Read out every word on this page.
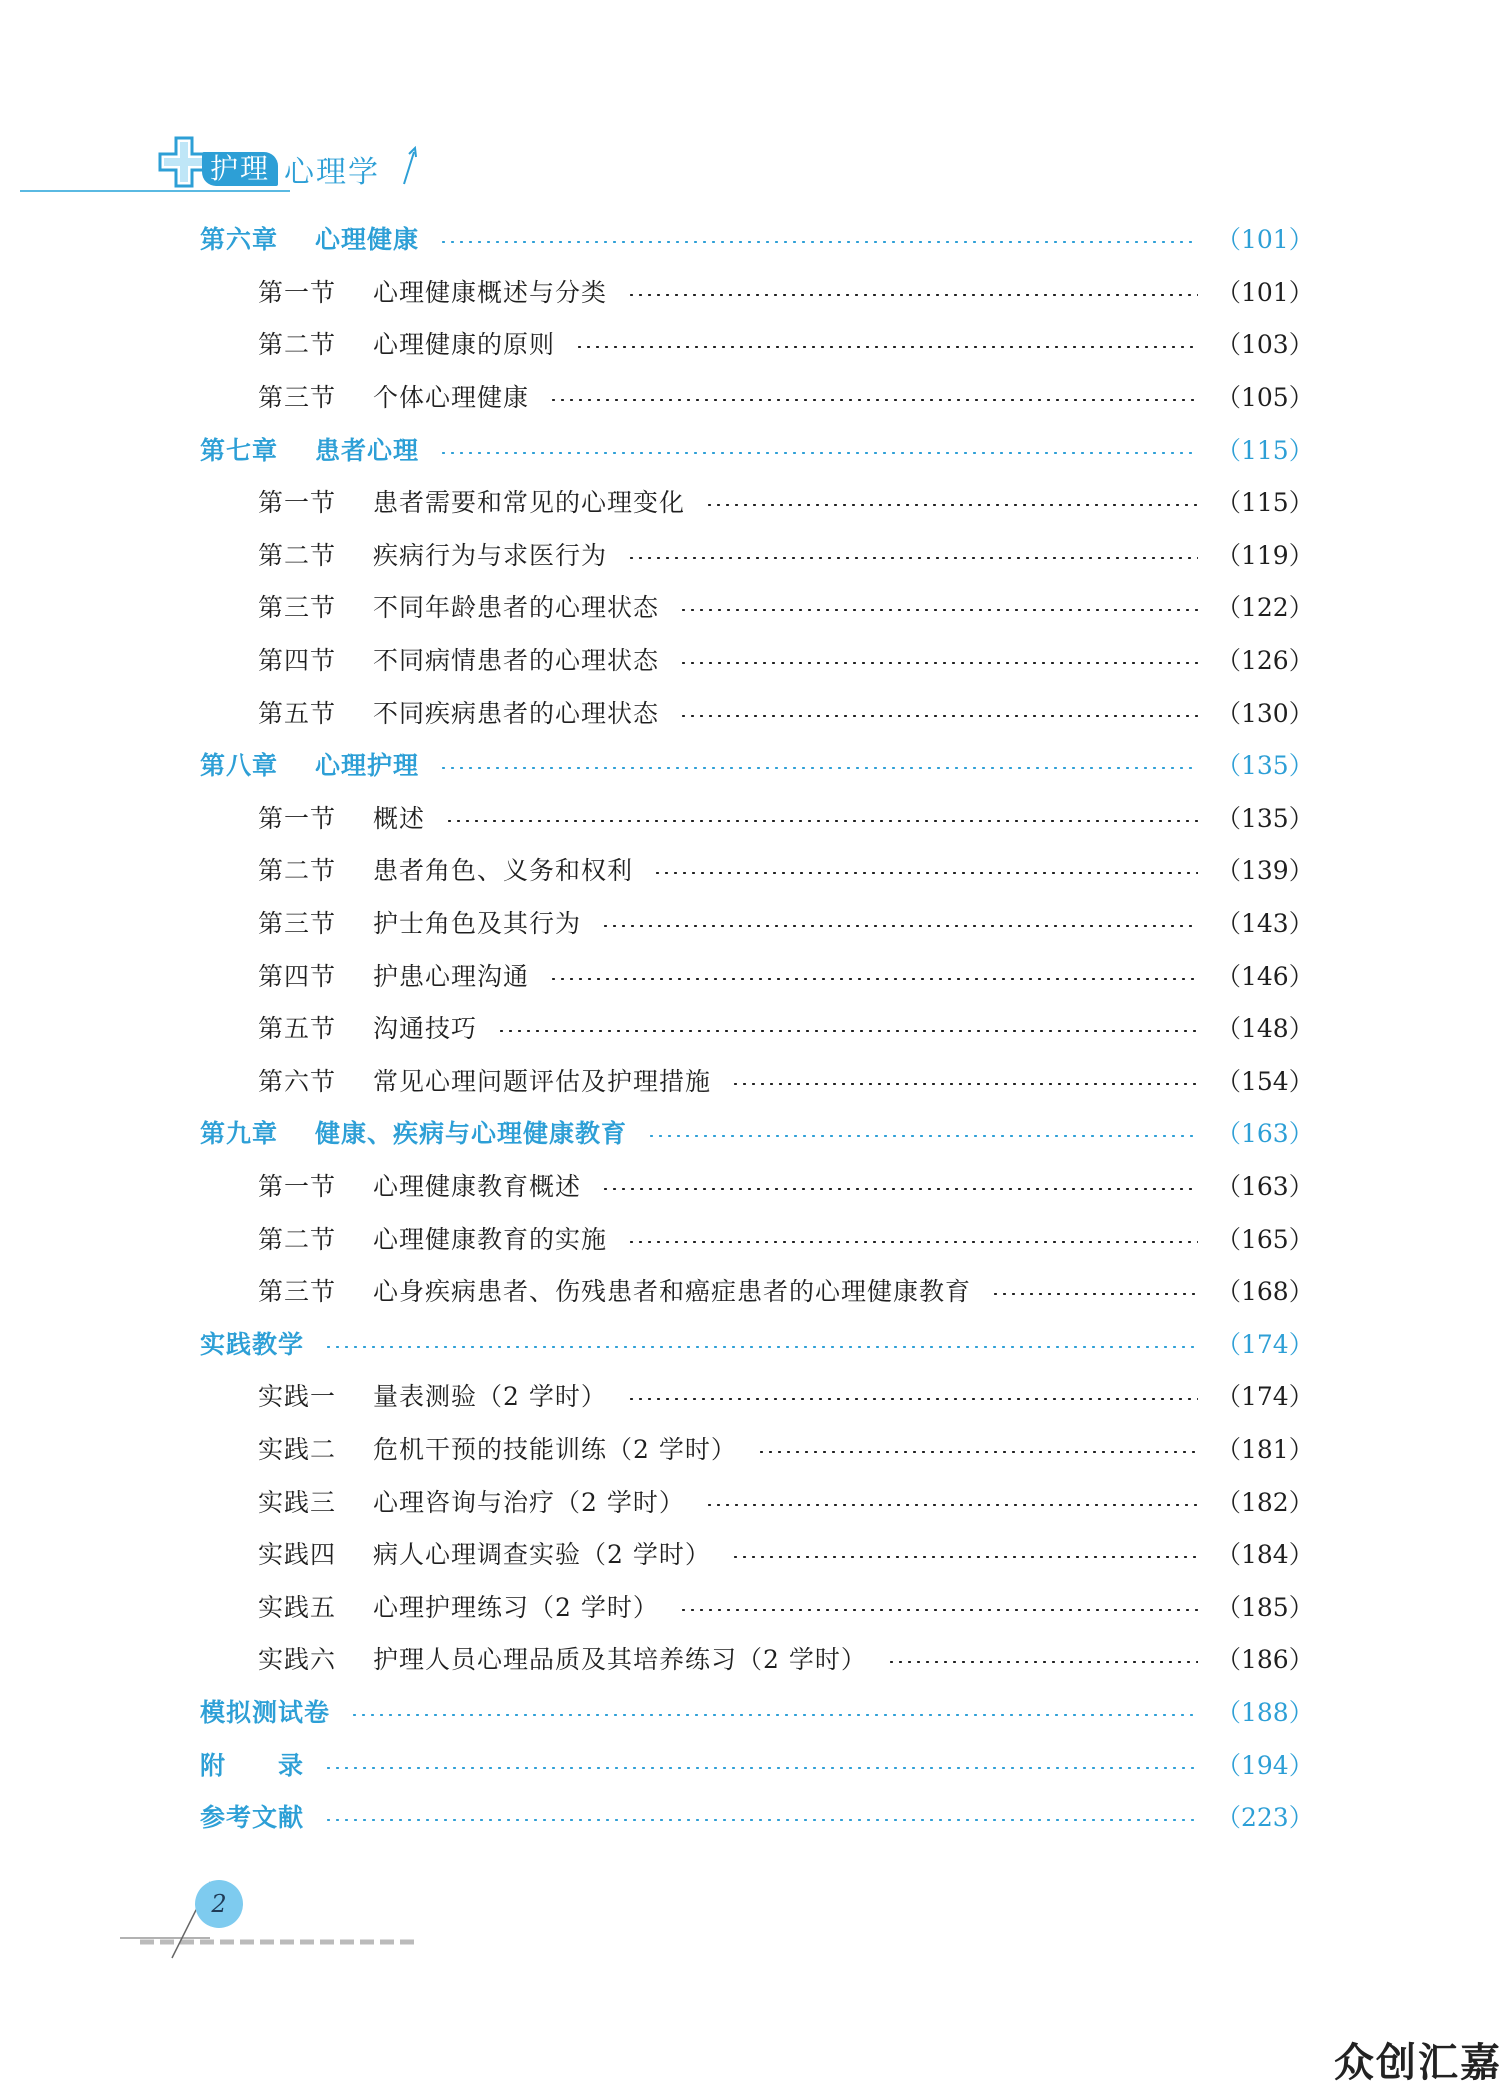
护理 心理学
第六章 心理健康	（101）
第一节 心理健康概述与分类	（101）
第二节 心理健康的原则	（103）
第三节 个体心理健康	（105）
第七章 患者心理	（115）
第一节 患者需要和常见的心理变化	（115）
第二节 疾病行为与求医行为	（119）
第三节 不同年龄患者的心理状态	（122）
第四节 不同病情患者的心理状态	（126）
第五节 不同疾病患者的心理状态	（130）
第八章 心理护理	（135）
第一节 概述	（135）
第二节 患者角色、义务和权利	（139）
第三节 护士角色及其行为	（143）
第四节 护患心理沟通	（146）
第五节 沟通技巧	（148）
第六节 常见心理问题评估及护理措施	（154）
第九章 健康、疾病与心理健康教育	（163）
第一节 心理健康教育概述	（163）
第二节 心理健康教育的实施	（165）
第三节 心身疾病患者、伤残患者和癌症患者的心理健康教育	（168）
实践教学	（174）
实践一 量表测验（2 学时）	（174）
实践二 危机干预的技能训练（2 学时）	（181）
实践三 心理咨询与治疗（2 学时）	（182）
实践四 病人心理调查实验（2 学时）	（184）
实践五 心理护理练习（2 学时）	（185）
实践六 护理人员心理品质及其培养练习（2 学时）	（186）
模拟测试卷	（188）
附　　录	（194）
参考文献	（223）
2
众创汇嘉
